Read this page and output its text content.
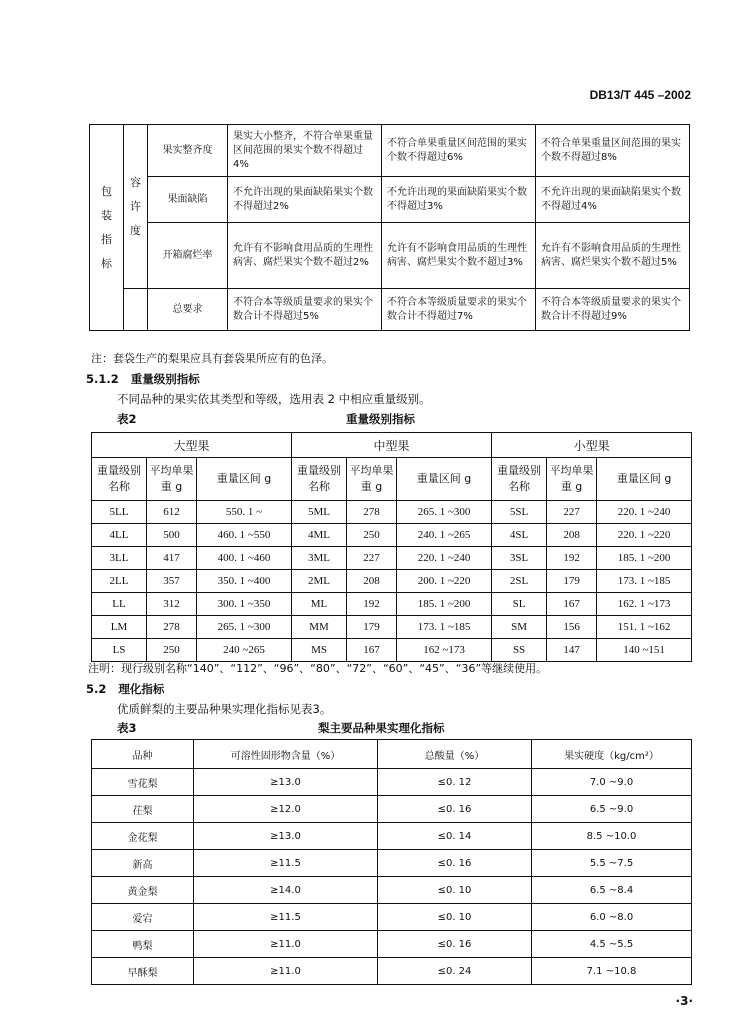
DB13/T 445 –2002
包
装
指
标	容
许
度	果实整齐度	果实大小整齐，不符合单果重量区间范围的果实个数不得超过4%	不符合单果重量区间范围的果实个数不得超过6%	不符合单果重量区间范围的果实个数不得超过8%
		果面缺陷	不允许出现的果面缺陷果实个数不得超过2%	不允许出现的果面缺陷果实个数不得超过3%	不允许出现的果面缺陷果实个数不得超过4%
		开箱腐烂率	允许有不影响食用品质的生理性病害、腐烂果实个数不超过2%	允许有不影响食用品质的生理性病害、腐烂果实个数不超过3%	允许有不影响食用品质的生理性病害、腐烂果实个数不超过5%
		总要求	不符合本等级质量要求的果实个数合计不得超过5%	不符合本等级质量要求的果实个数合计不得超过7%	不符合本等级质量要求的果实个数合计不得超过9%
注：套袋生产的梨果应具有套袋果所应有的色泽。
5.1.2 重量级别指标
不同品种的果实依其类型和等级，选用表 2 中相应重量级别。
表2	重量级别指标
大型果			中型果			小型果		
重量级别名称	平均单果重 g	重量区间 g	重量级别名称	平均单果重 g	重量区间 g	重量级别名称	平均单果重 g	重量区间 g
5LL	612	550. 1 ~	5ML	278	265. 1 ~300	5SL	227	220. 1 ~240
4LL	500	460. 1 ~550	4ML	250	240. 1 ~265	4SL	208	220. 1 ~220
3LL	417	400. 1 ~460	3ML	227	220. 1 ~240	3SL	192	185. 1 ~200
2LL	357	350. 1 ~400	2ML	208	200. 1 ~220	2SL	179	173. 1 ~185
LL	312	300. 1 ~350	ML	192	185. 1 ~200	SL	167	162. 1 ~173
LM	278	265. 1 ~300	MM	179	173. 1 ~185	SM	156	151. 1 ~162
LS	250	240 ~265	MS	167	162 ~173	SS	147	140 ~151
注明：现行级别名称“140”、“112”、“96”、“80”、“72”、“60”、“45”、“36”等继续使用。
5.2 理化指标
优质鲜梨的主要品种果实理化指标见表3。
表3	梨主要品种果实理化指标
品种	可溶性固形物含量（%）	总酸量（%）	果实硬度（kg/cm²）
雪花梨	≥13.0	≤0. 12	7.0 ~9.0
茌梨	≥12.0	≤0. 16	6.5 ~9.0
金花梨	≥13.0	≤0. 14	8.5 ~10.0
新高	≥11.5	≤0. 16	5.5 ~7.5
黄金梨	≥14.0	≤0. 10	6.5 ~8.4
爱宕	≥11.5	≤0. 10	6.0 ~8.0
鸭梨	≥11.0	≤0. 16	4.5 ~5.5
早酥梨	≥11.0	≤0. 24	7.1 ~10.8
·3·
